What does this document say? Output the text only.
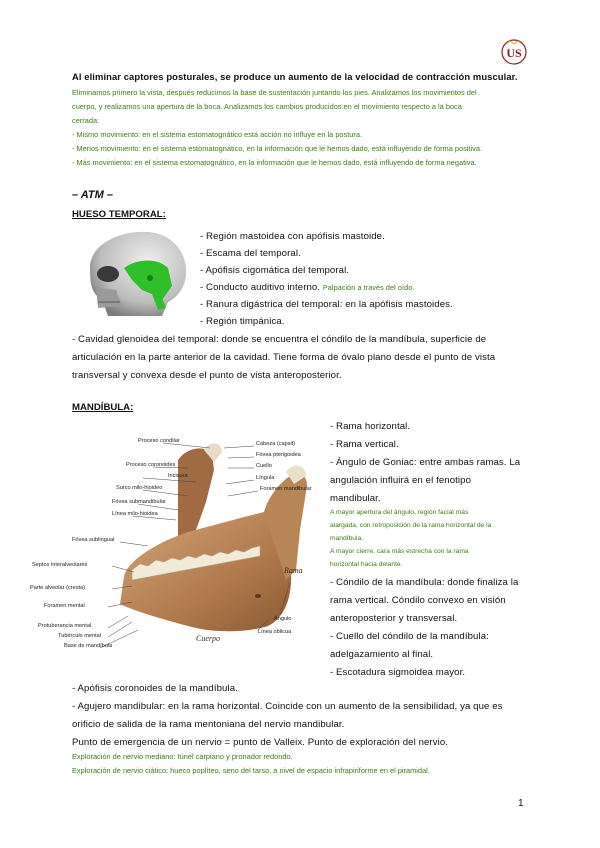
US
Al eliminar captores posturales, se produce un aumento de la velocidad de contracción muscular.
Eliminamos primero la vista, después reducimos la base de sustentación juntando los pies. Analizamos los movimientos del
cuerpo, y realizamos una apertura de la boca. Analizamos los cambios producidos en el movimiento respecto a la boca
cerrada:
- Mismo movimiento: en el sistema estomatognático está acción no influye en la postura.
- Menos movimiento: en el sistema estomatognático, en la información que le hemos dado, está influyendo de forma positiva.
- Más movimiento: en el sistema estomatognático, en la información que le hemos dado, está influyendo de forma negativa.
– ATM –
HUESO TEMPORAL:
- Región mastoidea con apófisis mastoide.
- Escama del temporal.
- Apófisis cigomática del temporal.
- Conducto auditivo interno. Palpación a través del oído.
- Ranura digástrica del temporal: en la apófisis mastoides.
- Región timpánica.
- Cavidad glenoidea del temporal: donde se encuentra el cóndilo de la mandíbula, superficie de
articulación en la parte anterior de la cavidad. Tiene forma de óvalo plano desde el punto de vista
transversal y convexa desde el punto de vista anteroposterior.
MANDÍBULA:
Proceso condilar
Proceso coronoides
Incisura
Surco milo-hioideo
Fóvea submandibular
Línea milo-hioidea
Fóvea sublingual
Septos interalveolares
Parte alveolar (cresta)
Foramen mental
Protuberancia mental
Tubérculo mental
Base de mandíbula
Cabeza (capsit)
Fóvea pterigoidea
Cuello
Língula
Foramen mandibular
Ángulo
Línea oblicua
Rama
Cuerpo
- Rama horizontal.
- Rama vertical.
- Ángulo de Goniac: entre ambas ramas. La
angulación influirá en el fenotipo
mandibular.
A mayor apertura del ángulo, región facial más
alargada, con retroposición de la rama horizontal de la
mandíbula.
A mayor cierre, cara más estrecha con la rama
horizontal hacia delante.
- Cóndilo de la mandíbula: donde finaliza la
rama vertical. Cóndilo convexo en visión
anteroposterior y transversal.
- Cuello del cóndilo de la mandíbula:
adelgazamiento al final.
- Escotadura sigmoidea mayor.
- Apófisis coronoides de la mandíbula.
- Agujero mandibular: en la rama horizontal. Coincide con un aumento de la sensibilidad, ya que es
orificio de salida de la rama mentoniana del nervio mandibular.
Punto de emergencia de un nervio = punto de Valleix. Punto de exploración del nervio.
Exploración de nervio mediano: túnel carpiano y pronador redondo.
Exploración de nervio ciático: hueco poplíteo, seno del tarso, a nivel de espacio infrapiriforme en el piramidal.
1
